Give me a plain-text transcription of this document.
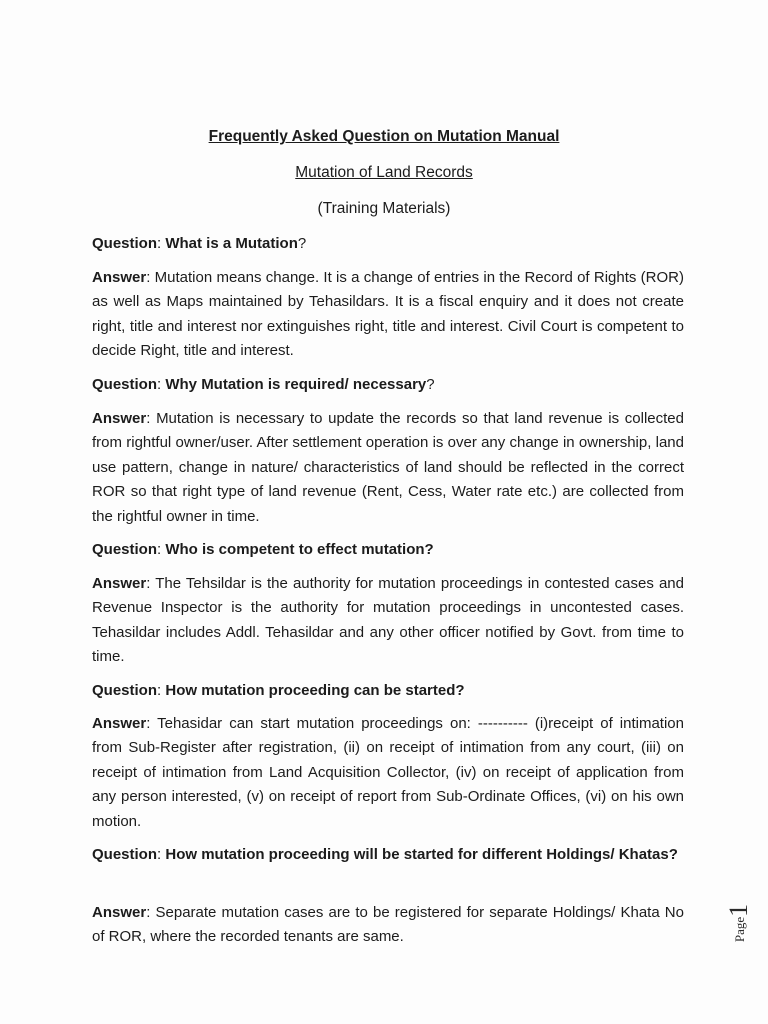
Frequently Asked Question on Mutation Manual
Mutation of Land Records
(Training Materials)
Question: What is a Mutation?
Answer: Mutation means change. It is a change of entries in the Record of Rights (ROR) as well as Maps maintained by Tehasildars. It is a fiscal enquiry and it does not create right, title and interest nor extinguishes right, title and interest. Civil Court is competent to decide Right, title and interest.
Question: Why Mutation is required/ necessary?
Answer: Mutation is necessary to update the records so that land revenue is collected from rightful owner/user. After settlement operation is over any change in ownership, land use pattern, change in nature/ characteristics of land should be reflected in the correct ROR so that right type of land revenue (Rent, Cess, Water rate etc.) are collected from the rightful owner in time.
Question: Who is competent to effect mutation?
Answer: The Tehsildar is the authority for mutation proceedings in contested cases and Revenue Inspector is the authority for mutation proceedings in uncontested cases. Tehasildar includes Addl. Tehasildar and any other officer notified by Govt. from time to time.
Question: How mutation proceeding can be started?
Answer: Tehasidar can start mutation proceedings on: ---------- (i)receipt of intimation from Sub-Register after registration, (ii) on receipt of intimation from any court, (iii) on receipt of intimation from Land Acquisition Collector, (iv) on receipt of application from any person interested, (v) on receipt of report from Sub-Ordinate Offices, (vi) on his own motion.
Question: How mutation proceeding will be started for different Holdings/ Khatas?
Answer: Separate mutation cases are to be registered for separate Holdings/ Khata No of ROR, where the recorded tenants are same.	Page1
